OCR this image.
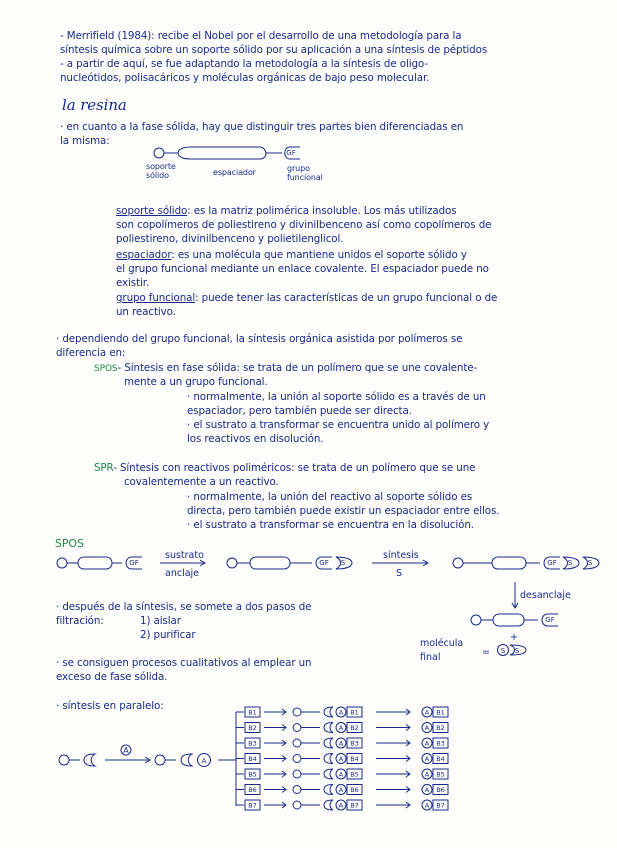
- Merrifield (1984): recibe el Nobel por el desarrollo de una metodología para la
síntesis química sobre un soporte sólido por su aplicación a una síntesis de péptidos
- a partir de aquí, se fue adaptando la metodología a la síntesis de oligo-
nucleótidos, polisacáricos y moléculas orgánicas de bajo peso molecular.
la resina
· en cuanto a la fase sólida, hay que distinguir tres partes bien diferenciadas en
la misma:
soporte sólido	espaciador	grupo funcional
soporte sólido: es la matriz polimérica insoluble. Los más utilizados
son copolímeros de poliestireno y divinilbenceno así como copolímeros de
poliestireno, divinilbenceno y polietilenglicol.
espaciador: es una molécula que mantiene unidos el soporte sólido y
el grupo funcional mediante un enlace covalente. El espaciador puede no
existir.
grupo funcional: puede tener las características de un grupo funcional o de
un reactivo.
· dependiendo del grupo funcional, la síntesis orgánica asistida por polímeros se
diferencia en:
SPOS- Síntesis en fase sólida: se trata de un polímero que se une covalente-
mente a un grupo funcional.
· normalmente, la unión al soporte sólido es a través de un
espaciador, pero también puede ser directa.
· el sustrato a transformar se encuentra unido al polímero y
los reactivos en disolución.
SPR- Síntesis con reactivos poliméricos: se trata de un polímero que se une
covalentemente a un reactivo.
· normalmente, la unión del reactivo al soporte sólido es
directa, pero también puede existir un espaciador entre ellos.
· el sustrato a transformar se encuentra en la disolución.
SPOS
· después de la síntesis, se somete a dos pasos de
filtración:	1) aislar
2) purificar
· se consiguen procesos cualitativos al emplear un
exceso de fase sólida.
· síntesis en paralelo:
GF
GF	GF S	GF S S
GF
S S
A
sustrato
anclaje
síntesis
S
desanclaje
+
molécula
final	=
A
B1	A B1	A B1
B2	A B2	A B2
B3	A B3	A B3
B4	A B4	A B4
B5	A B5	A B5
B6	A B6	A B6
B7	A B7	A B7
